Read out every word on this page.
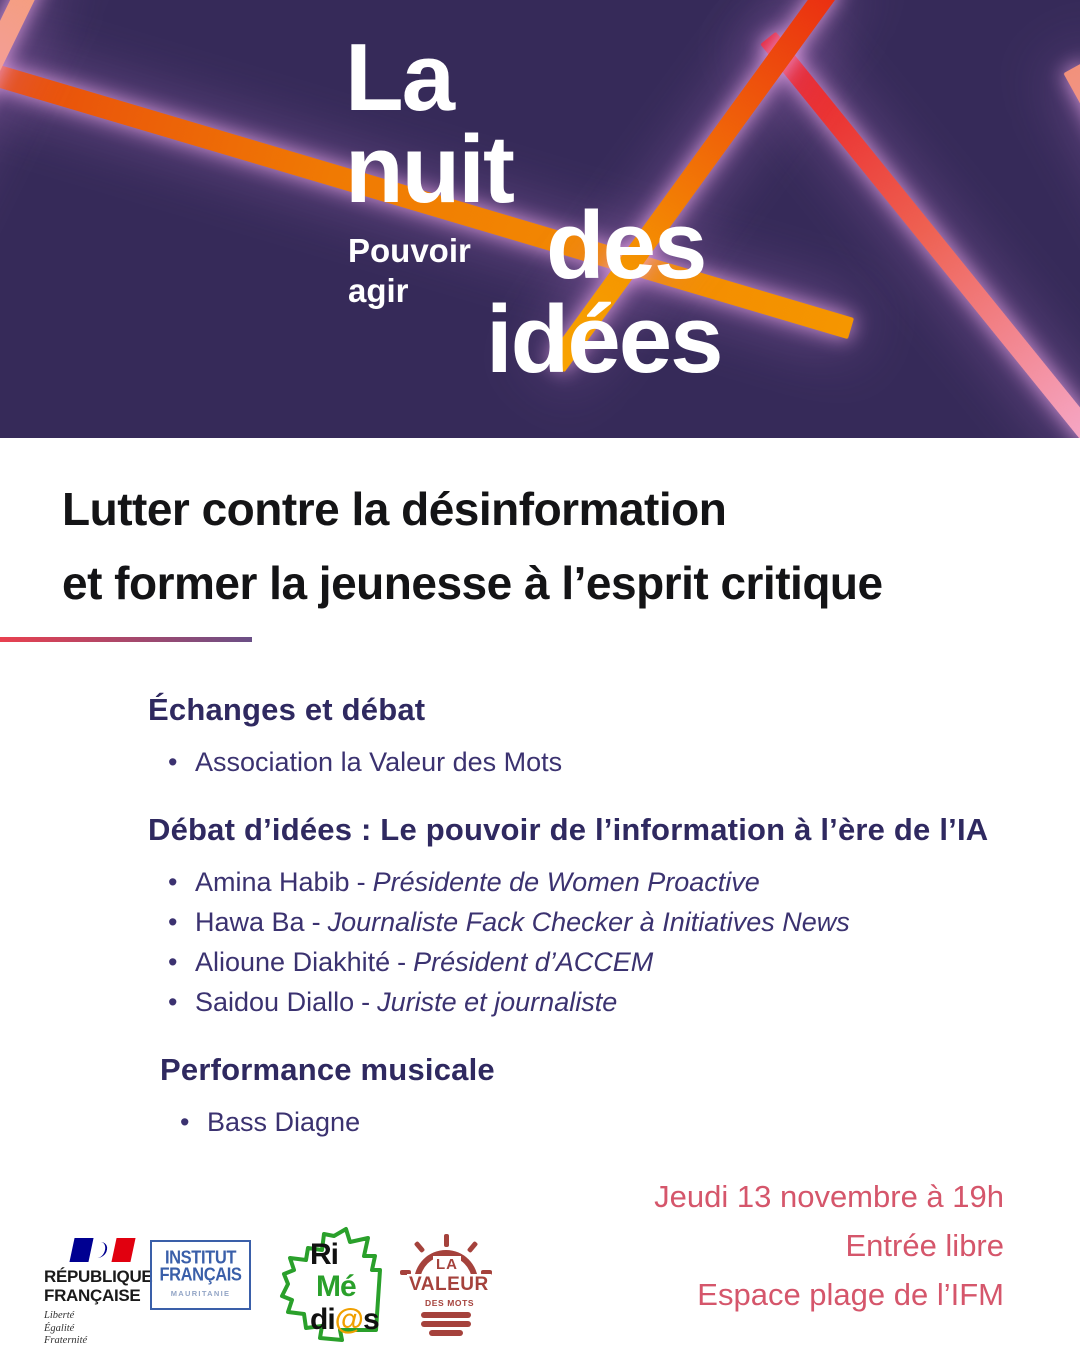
La
nuit
Pouvoir
agir des
idées
Lutter contre la désinformation
et former la jeunesse à l’esprit critique
Échanges et débat
• Association la Valeur des Mots
Débat d’idées : Le pouvoir de l’information à l’ère de l’IA
• Amina Habib - Présidente de Women Proactive
• Hawa Ba - Journaliste Fack Checker à Initiatives News
• Alioune Diakhité - Président d’ACCEM
• Saidou Diallo - Juriste et journaliste
Performance musicale
• Bass Diagne
Jeudi 13 novembre à 19h
Entrée libre
Espace plage de l’IFM
RÉPUBLIQUE
FRANÇAISE
Liberté
Égalité
Fraternité
INSTITUT
FRANÇAIS
MAURITANIE
Ri
Mé
di@s
LA
VALEUR
DES MOTS
